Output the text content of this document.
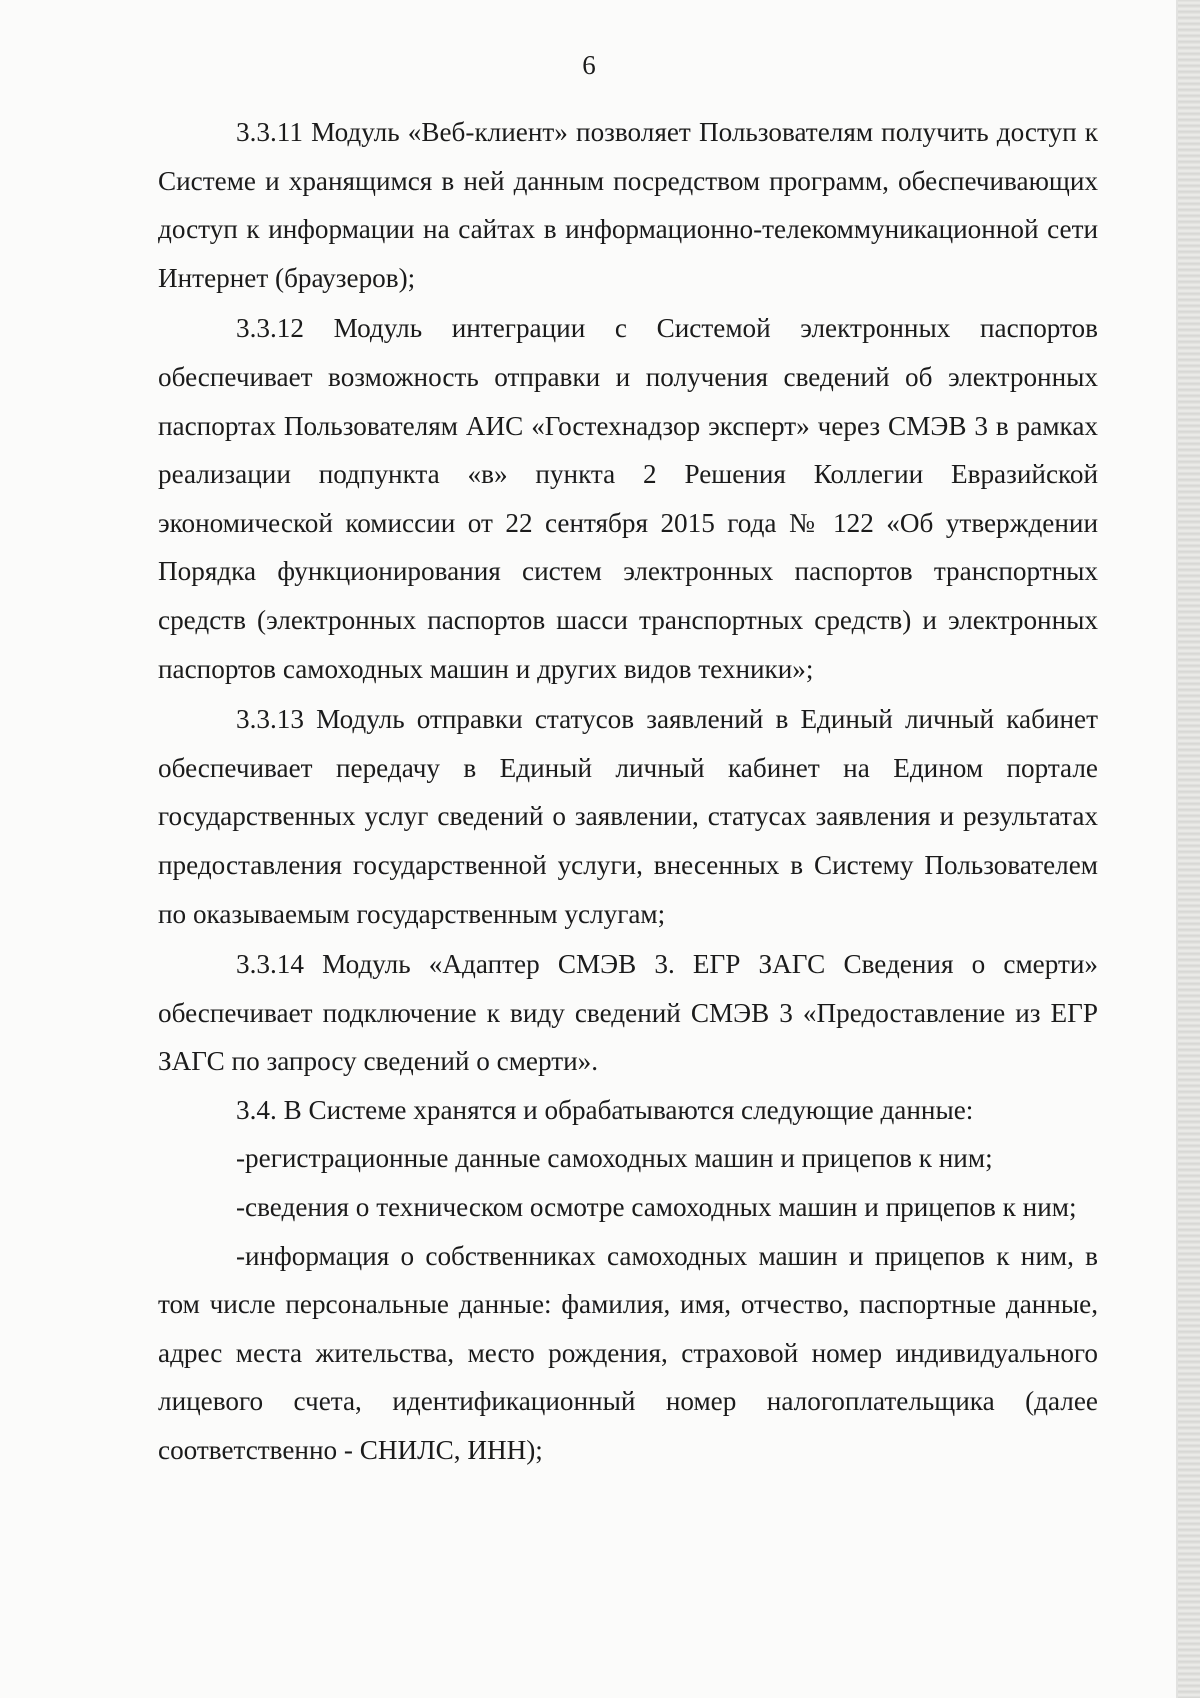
6

3.3.11 Модуль «Веб-клиент» позволяет Пользователям получить доступ к Системе и хранящимся в ней данным посредством программ, обеспечивающих доступ к информации на сайтах в информационно-телекоммуникационной сети Интернет (браузеров);

3.3.12 Модуль интеграции с Системой электронных паспортов обеспечивает возможность отправки и получения сведений об электронных паспортах Пользователям АИС «Гостехнадзор эксперт» через СМЭВ 3 в рамках реализации подпункта «в» пункта 2 Решения Коллегии Евразийской экономической комиссии от 22 сентября 2015 года № 122 «Об утверждении Порядка функционирования систем электронных паспортов транспортных средств (электронных паспортов шасси транспортных средств) и электронных паспортов самоходных машин и других видов техники»;

3.3.13 Модуль отправки статусов заявлений в Единый личный кабинет обеспечивает передачу в Единый личный кабинет на Едином портале государственных услуг сведений о заявлении, статусах заявления и результатах предоставления государственной услуги, внесенных в Систему Пользователем по оказываемым государственным услугам;

3.3.14 Модуль «Адаптер СМЭВ 3. ЕГР ЗАГС Сведения о смерти» обеспечивает подключение к виду сведений СМЭВ 3 «Предоставление из ЕГР ЗАГС по запросу сведений о смерти».

3.4. В Системе хранятся и обрабатываются следующие данные:

-регистрационные данные самоходных машин и прицепов к ним;

-сведения о техническом осмотре самоходных машин и прицепов к ним;

-информация о собственниках самоходных машин и прицепов к ним, в том числе персональные данные: фамилия, имя, отчество, паспортные данные, адрес места жительства, место рождения, страховой номер индивидуального лицевого счета, идентификационный номер налогоплательщика (далее соответственно - СНИЛС, ИНН);
